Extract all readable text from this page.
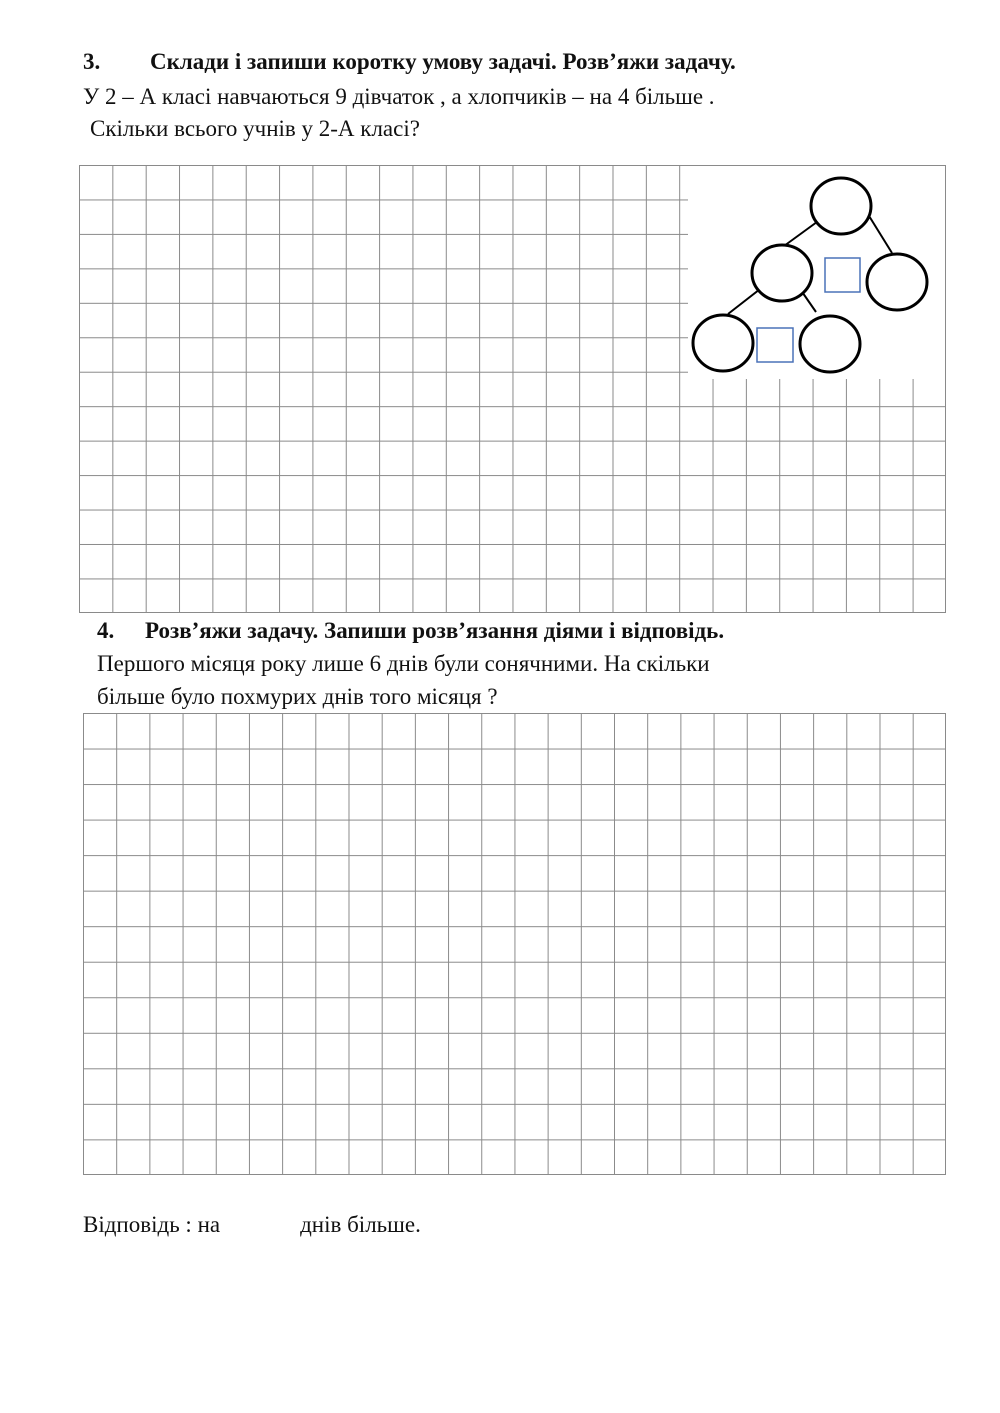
3. Склади і запиши коротку умову задачі. Розв’яжи задачу.
У 2 – А класі навчаються 9 дівчаток , а хлопчиків – на 4 більше .
Скільки всього учнів у 2-А класі?
4. Розв’яжи задачу. Запиши розв’язання діями і відповідь.
Першого місяця року лише 6 днів були сонячними. На скільки
більше було похмурих днів того місяця ?
Відповідь : на	днів більше.
